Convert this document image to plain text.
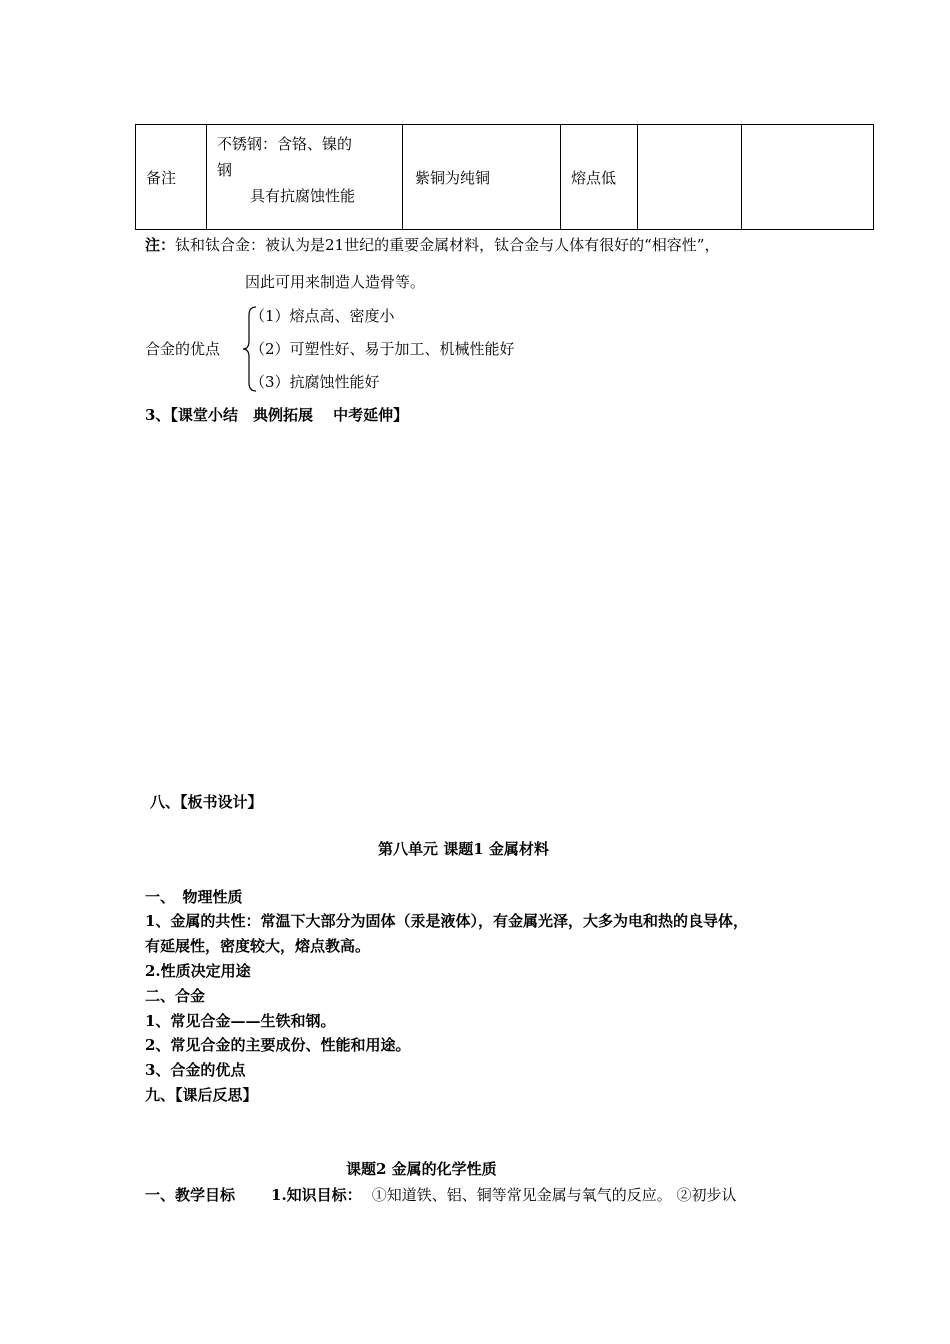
备注	不锈钢：含铬、镍的
钢

具有抗腐蚀性能
	紫铜为纯铜	熔点低		
注：钛和钛合金：被认为是21世纪的重要金属材料，钛合金与人体有很好的“相容性”，
因此可用来制造人造骨等。
合金的优点
（1）熔点高、密度小
（2）可塑性好、易于加工、机械性能好
（3）抗腐蚀性能好
3、【课堂小结　典例拓展　 中考延伸】
八、【板书设计】
第八单元 课题1 金属材料
一、　物理性质
1、金属的共性：常温下大部分为固体（汞是液体），有金属光泽，大多为电和热的良导体，
有延展性，密度较大，熔点教高。
2.性质决定用途
二、合金
1、常见合金——生铁和钢。
2、常见合金的主要成份、性能和用途。
3、合金的优点
九、【课后反思】
课题2 金属的化学性质
一、教学目标 1.知识目标： ①知道铁、铝、铜等常见金属与氧气的反应。 ②初步认
